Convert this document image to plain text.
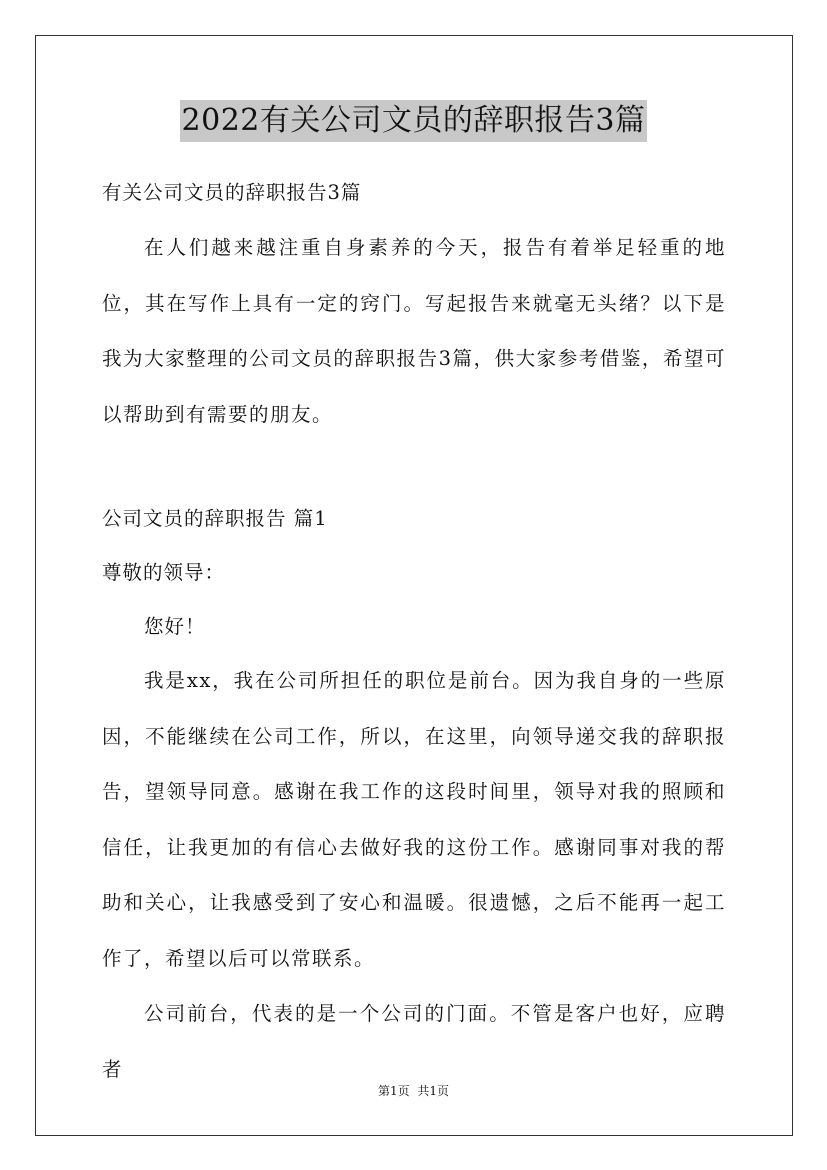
2022有关公司文员的辞职报告3篇
有关公司文员的辞职报告3篇
在人们越来越注重自身素养的今天，报告有着举足轻重的地位，其在写作上具有一定的窍门。写起报告来就毫无头绪？以下是我为大家整理的公司文员的辞职报告3篇，供大家参考借鉴，希望可以帮助到有需要的朋友。
公司文员的辞职报告 篇1
尊敬的领导：
您好！
我是xx，我在公司所担任的职位是前台。因为我自身的一些原因，不能继续在公司工作，所以，在这里，向领导递交我的辞职报告，望领导同意。感谢在我工作的这段时间里，领导对我的照顾和信任，让我更加的有信心去做好我的这份工作。感谢同事对我的帮助和关心，让我感受到了安心和温暖。很遗憾，之后不能再一起工作了，希望以后可以常联系。
公司前台，代表的是一个公司的门面。不管是客户也好，应聘者
第1页 共1页
